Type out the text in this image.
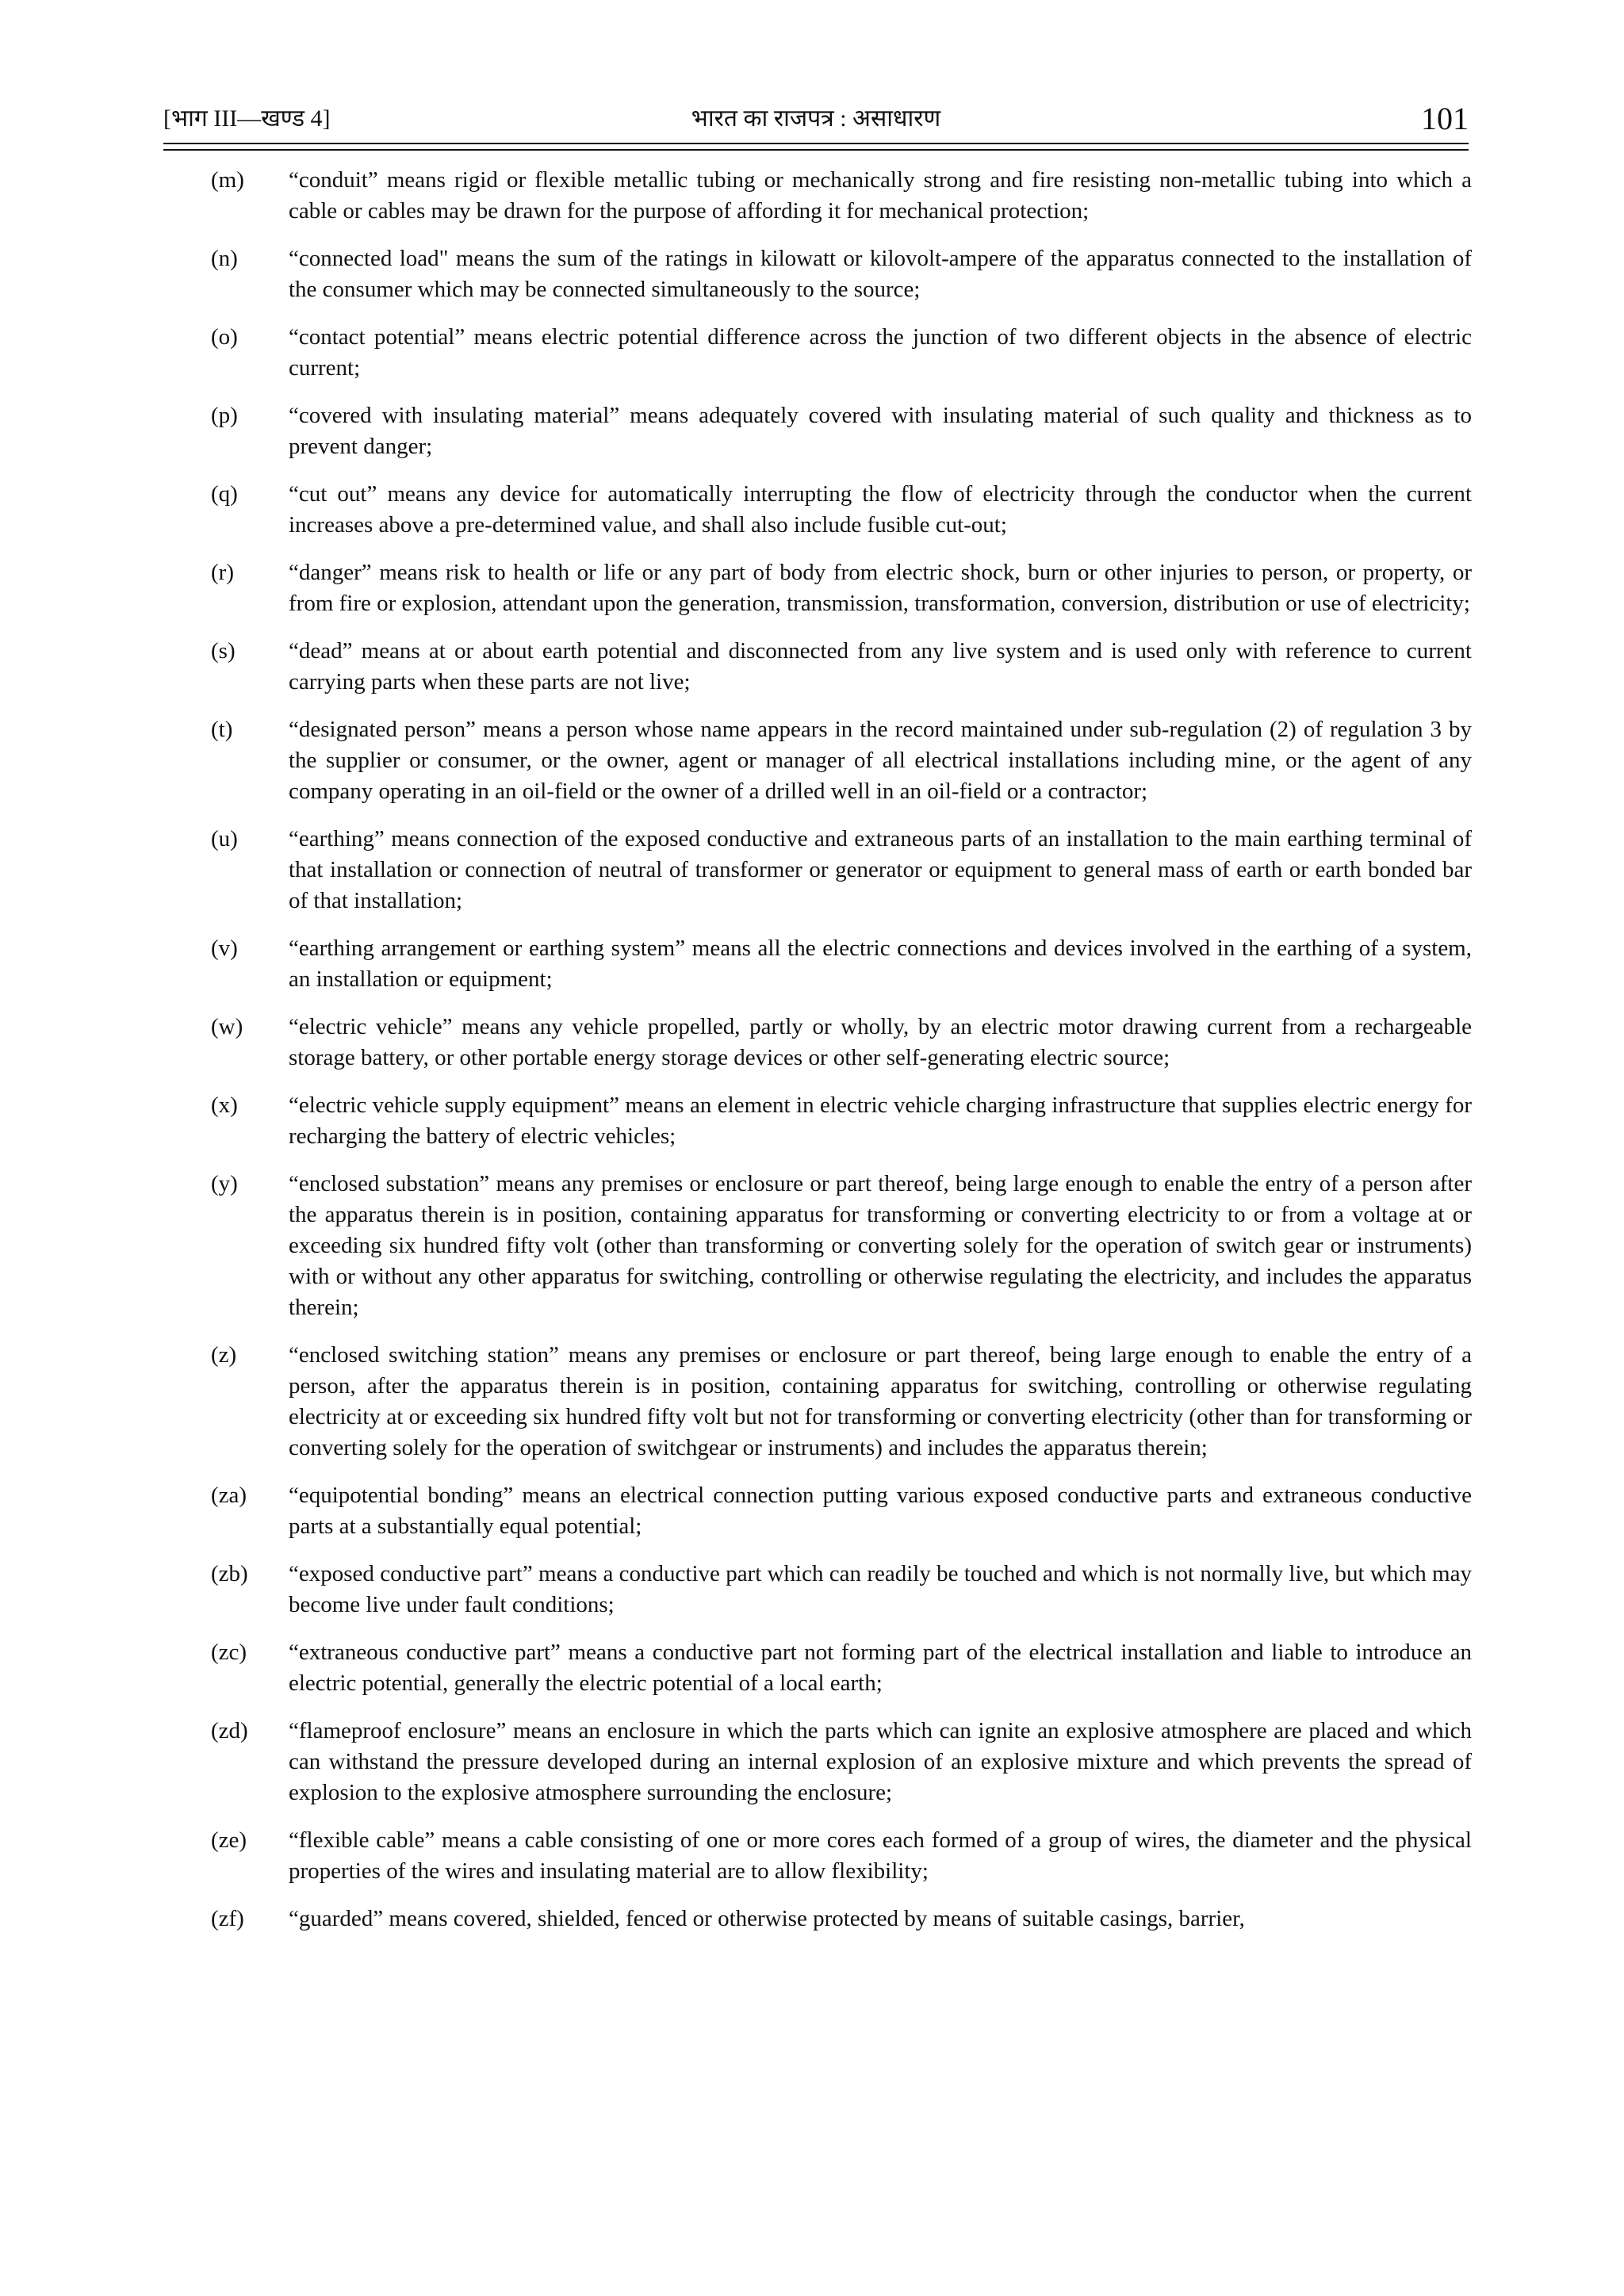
भारत का राजपत्र : असाधारण
[भाग III—खण्ड 4]	101
(m)	“conduit” means rigid or flexible metallic tubing or mechanically strong and fire resisting non-metallic tubing into which a cable or cables may be drawn for the purpose of affording it for mechanical protection;
(n)	“connected load" means the sum of the ratings in kilowatt or kilovolt-ampere of the apparatus connected to the installation of the consumer which may be connected simultaneously to the source;
(o)	“contact potential” means electric potential difference across the junction of two different objects in the absence of electric current;
(p)	“covered with insulating material” means adequately covered with insulating material of such quality and thickness as to prevent danger;
(q)	“cut out” means any device for automatically interrupting the flow of electricity through the conductor when the current increases above a pre-determined value, and shall also include fusible cut-out;
(r)	“danger” means risk to health or life or any part of body from electric shock, burn or other injuries to person, or property, or from fire or explosion, attendant upon the generation, transmission, transformation, conversion, distribution or use of electricity;
(s)	“dead” means at or about earth potential and disconnected from any live system and is used only with reference to current carrying parts when these parts are not live;
(t)	“designated person” means a person whose name appears in the record maintained under sub-regulation (2) of regulation 3 by the supplier or consumer, or the owner, agent or manager of all electrical installations including mine, or the agent of any company operating in an oil-field or the owner of a drilled well in an oil-field or a contractor;
(u)	“earthing” means connection of the exposed conductive and extraneous parts of an installation to the main earthing terminal of that installation or connection of neutral of transformer or generator or equipment to general mass of earth or earth bonded bar of that installation;
(v)	“earthing arrangement or earthing system” means all the electric connections and devices involved in the earthing of a system, an installation or equipment;
(w)	“electric vehicle” means any vehicle propelled, partly or wholly, by an electric motor drawing current from a rechargeable storage battery, or other portable energy storage devices or other self-generating electric source;
(x)	“electric vehicle supply equipment” means an element in electric vehicle charging infrastructure that supplies electric energy for recharging the battery of electric vehicles;
(y)	“enclosed substation” means any premises or enclosure or part thereof, being large enough to enable the entry of a person after the apparatus therein is in position, containing apparatus for transforming or converting electricity to or from a voltage at or exceeding six hundred fifty volt (other than transforming or converting solely for the operation of switch gear or instruments) with or without any other apparatus for switching, controlling or otherwise regulating the electricity, and includes the apparatus therein;
(z)	“enclosed switching station” means any premises or enclosure or part thereof, being large enough to enable the entry of a person, after the apparatus therein is in position, containing apparatus for switching, controlling or otherwise regulating electricity at or exceeding six hundred fifty volt but not for transforming or converting electricity (other than for transforming or converting solely for the operation of switchgear or instruments) and includes the apparatus therein;
(za)	“equipotential bonding” means an electrical connection putting various exposed conductive parts and extraneous conductive parts at a substantially equal potential;
(zb)	“exposed conductive part” means a conductive part which can readily be touched and which is not normally live, but which may become live under fault conditions;
(zc)	“extraneous conductive part” means a conductive part not forming part of the electrical installation and liable to introduce an electric potential, generally the electric potential of a local earth;
(zd)	“flameproof enclosure” means an enclosure in which the parts which can ignite an explosive atmosphere are placed and which can withstand the pressure developed during an internal explosion of an explosive mixture and which prevents the spread of explosion to the explosive atmosphere surrounding the enclosure;
(ze)	“flexible cable” means a cable consisting of one or more cores each formed of a group of wires, the diameter and the physical properties of the wires and insulating material are to allow flexibility;
(zf)	“guarded” means covered, shielded, fenced or otherwise protected by means of suitable casings, barrier,
